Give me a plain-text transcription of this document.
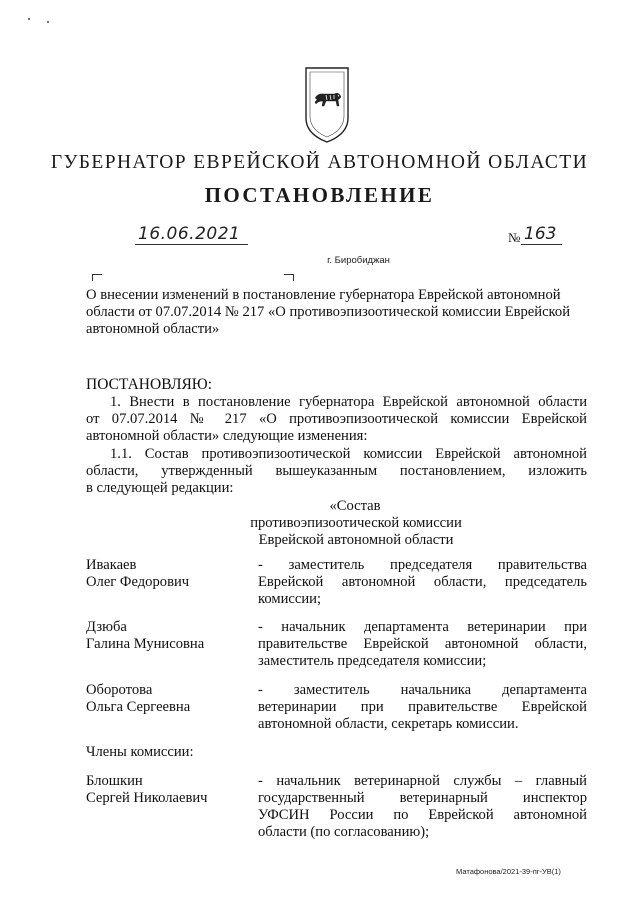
ГУБЕРНАТОР ЕВРЕЙСКОЙ АВТОНОМНОЙ ОБЛАСТИ
ПОСТАНОВЛЕНИЕ
16.06.2021	№ 163
г. Биробиджан
О внесении изменений в постановление губернатора Еврейской автономной
области от 07.07.2014 № 217 «О противоэпизоотической комиссии Еврейской
автономной области»
ПОСТАНОВЛЯЮ:
1. Внести в постановление губернатора Еврейской автономной области
от 07.07.2014 № 217 «О противоэпизоотической комиссии Еврейской
автономной области» следующие изменения:
1.1. Состав противоэпизоотической комиссии Еврейской автономной
области, утвержденный вышеуказанным постановлением, изложить
в следующей редакции:
«Состав
противоэпизоотической комиссии
Еврейской автономной области
Ивакаев
Олег Федорович
- заместитель председателя правительства
Еврейской автономной области, председатель
комиссии;
Дзюба
Галина Мунисовна
- начальник департамента ветеринарии при
правительстве Еврейской автономной области,
заместитель председателя комиссии;
Оборотова
Ольга Сергеевна
- заместитель начальника департамента
ветеринарии при правительстве Еврейской
автономной области, секретарь комиссии.
Члены комиссии:
Блошкин
Сергей Николаевич
- начальник ветеринарной службы – главный
государственный ветеринарный инспектор
УФСИН России по Еврейской автономной
области (по согласованию);
Матафонова/2021-39-пг-УВ(1)
